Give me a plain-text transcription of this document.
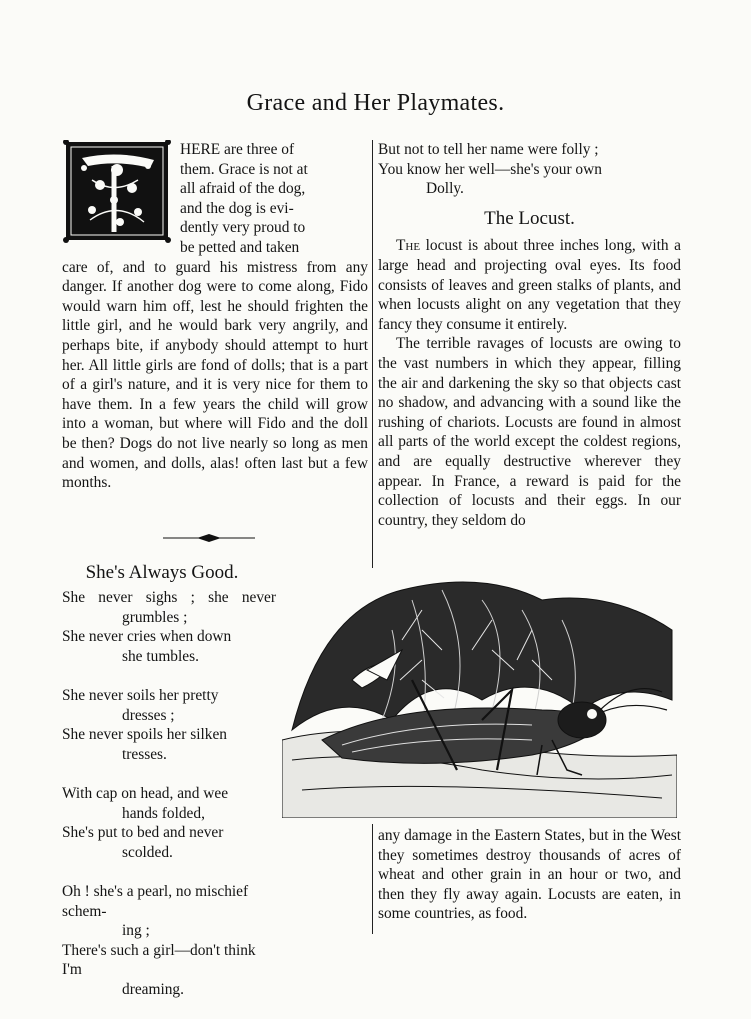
Grace and Her Playmates.
HERE are three of
them. Grace is not at
all afraid of the dog,
and the dog is evi-
dently very proud to
be petted and taken

care of, and to guard his mistress from any danger. If another dog were to come along, Fido would warn him off, lest he should frighten the little girl, and he would bark very angrily, and perhaps bite, if anybody should attempt to hurt her. All little girls are fond of dolls; that is a part of a girl's nature, and it is very nice for them to have them. In a few years the child will grow into a woman, but where will Fido and the doll be then? Dogs do not live nearly so long as men and women, and dolls, alas! often last but a few months.

She's Always Good.
She never sighs ; she never
grumbles ;
She never cries when down
she tumbles.
She never soils her pretty
dresses ;
She never spoils her silken
tresses.
With cap on head, and wee
hands folded,
She's put to bed and never
scolded.
Oh ! she's a pearl, no mischief schem-
ing ;
There's such a girl—don't think I'm
dreaming.
But not to tell her name were folly ;
You know her well—she's your own
Dolly.
The Locust.

The locust is about three inches long, with a large head and projecting oval eyes. Its food consists of leaves and green stalks of plants, and when locusts alight on any vegetation that they fancy they consume it entirely.

The terrible ravages of locusts are owing to the vast numbers in which they appear, filling the air and darkening the sky so that objects cast no shadow, and advancing with a sound like the rushing of chariots. Locusts are found in almost all parts of the world except the coldest regions, and are equally destructive wherever they appear. In France, a reward is paid for the collection of locusts and their eggs. In our country, they seldom do

any damage in the Eastern States, but in the West they sometimes destroy thousands of acres of wheat and other grain in an hour or two, and then they fly away again. Locusts are eaten, in some countries, as food.
